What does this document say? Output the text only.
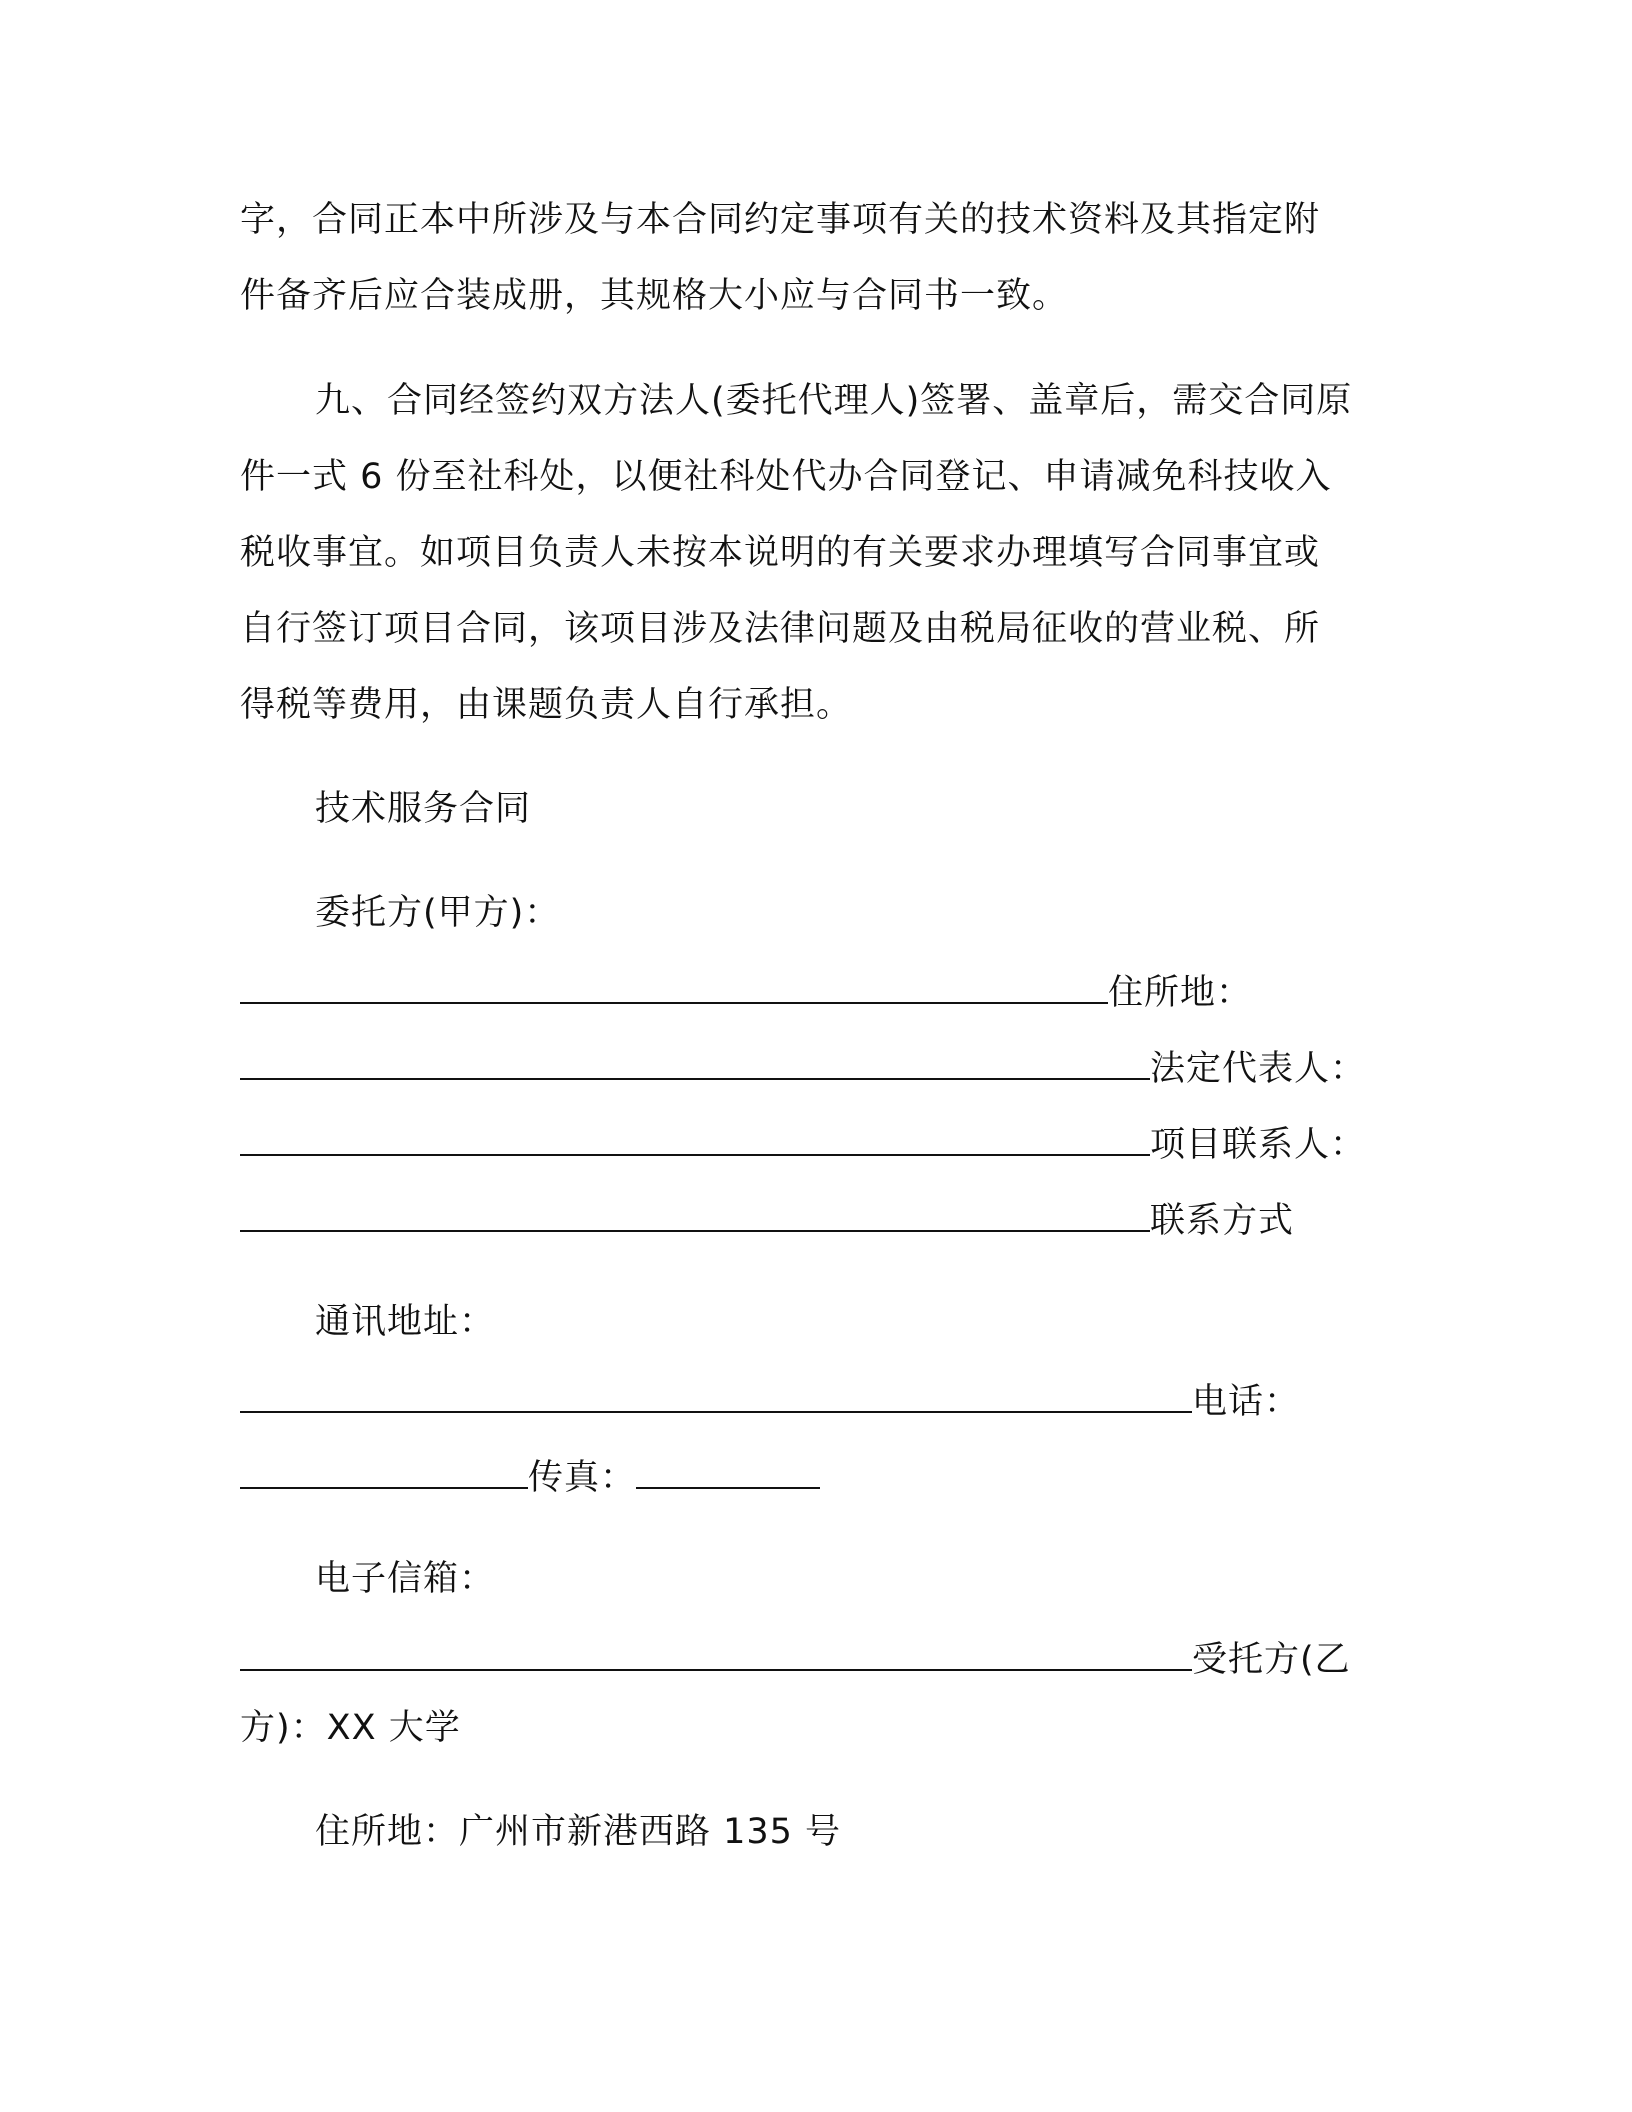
字，合同正本中所涉及与本合同约定事项有关的技术资料及其指定附
件备齐后应合装成册，其规格大小应与合同书一致。
九、合同经签约双方法人(委托代理人)签署、盖章后，需交合同原
件一式 6 份至社科处，以便社科处代办合同登记、申请减免科技收入
税收事宜。如项目负责人未按本说明的有关要求办理填写合同事宜或
自行签订项目合同，该项目涉及法律问题及由税局征收的营业税、所
得税等费用，由课题负责人自行承担。
技术服务合同
委托方(甲方)：
住所地：
法定代表人：
项目联系人：
联系方式
通讯地址：
电话：
传真：
电子信箱：
受托方(乙
方)：XX 大学
住所地：广州市新港西路 135 号
